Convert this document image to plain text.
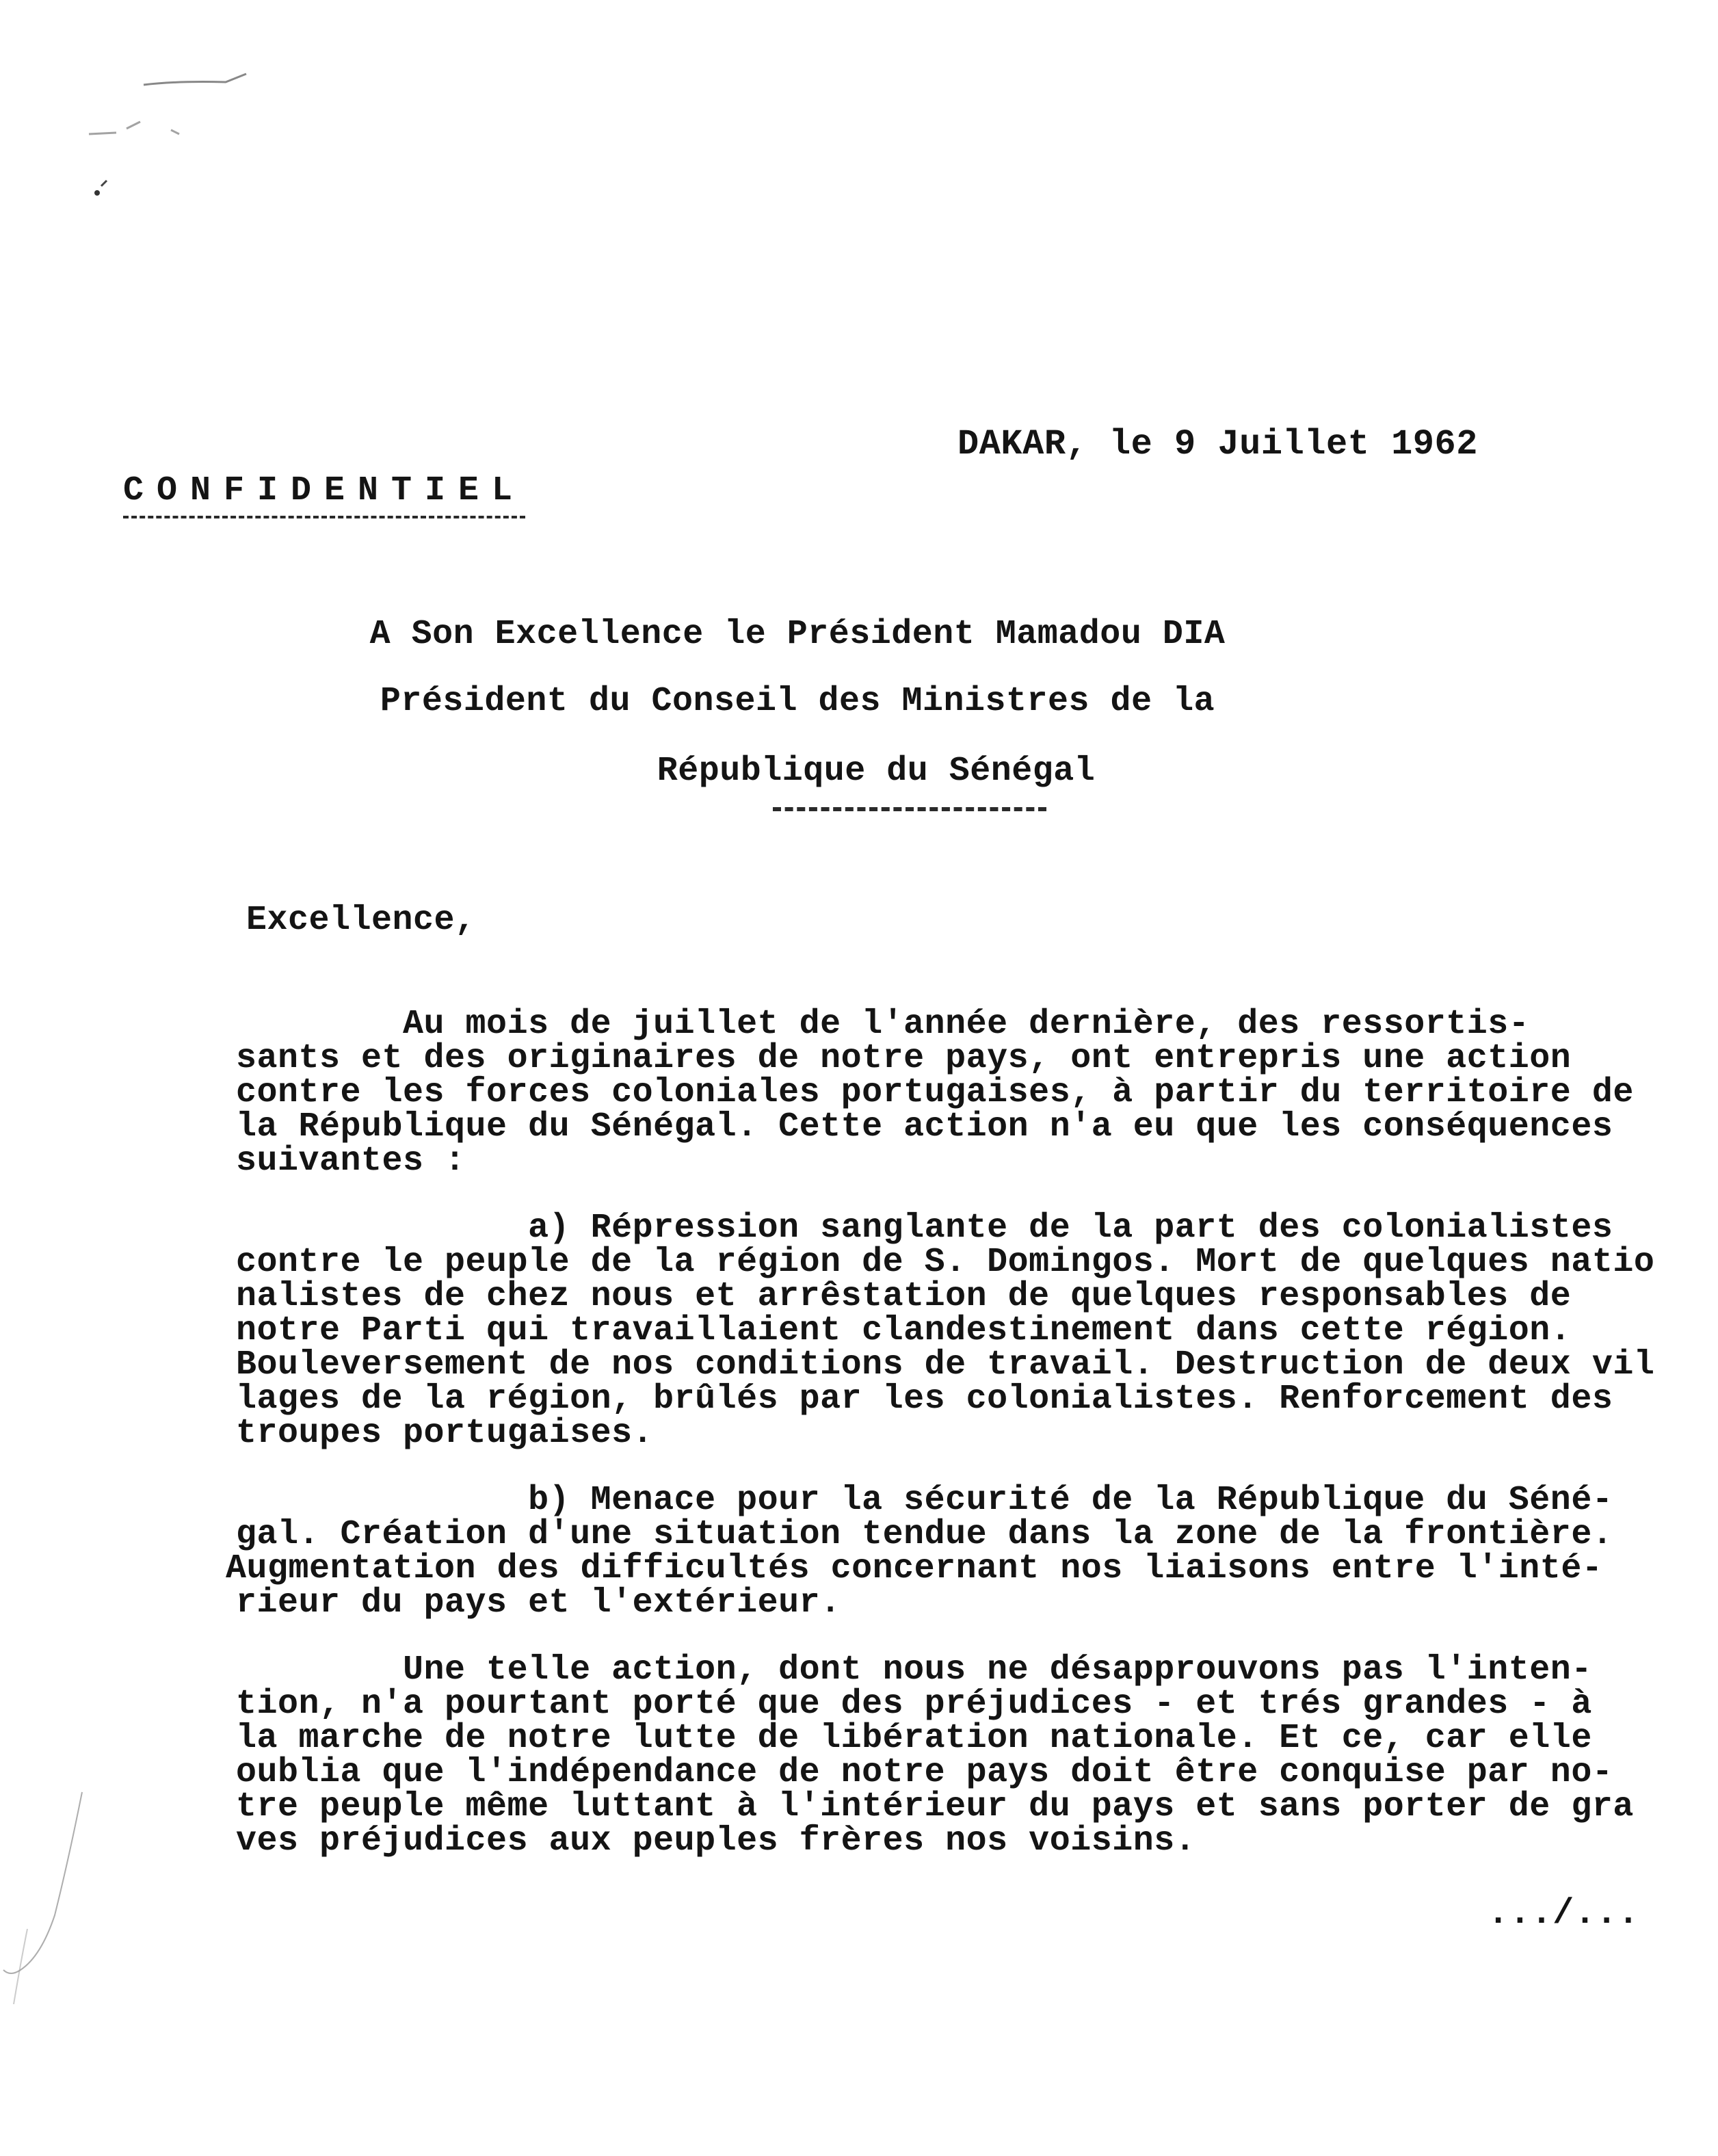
DAKAR, le 9 Juillet 1962
CONFIDENTIEL
A Son Excellence le Président Mamadou DIA
Président du Conseil des Ministres de la
République du Sénégal
Excellence,
Au mois de juillet de l'année dernière, des ressortis-
sants et des originaires de notre pays, ont entrepris une action
contre les forces coloniales portugaises, à partir du territoire de
la République du Sénégal. Cette action n'a eu que les conséquences
suivantes :
a) Répression sanglante de la part des colonialistes
contre le peuple de la région de S. Domingos. Mort de quelques natio
nalistes de chez nous et arrêstation de quelques responsables de
notre Parti qui travaillaient clandestinement dans cette région.
Bouleversement de nos conditions de travail. Destruction de deux vil
lages de la région, brûlés par les colonialistes. Renforcement des
troupes portugaises.
b) Menace pour la sécurité de la République du Séné-
gal. Création d'une situation tendue dans la zone de la frontière.
Augmentation des difficultés concernant nos liaisons entre l'inté-
rieur du pays et l'extérieur.
Une telle action, dont nous ne désapprouvons pas l'inten-
tion, n'a pourtant porté que des préjudices - et trés grandes - à
la marche de notre lutte de libération nationale. Et ce, car elle
oublia que l'indépendance de notre pays doit être conquise par no-
tre peuple même luttant à l'intérieur du pays et sans porter de gra
ves préjudices aux peuples frères nos voisins.
.../...
